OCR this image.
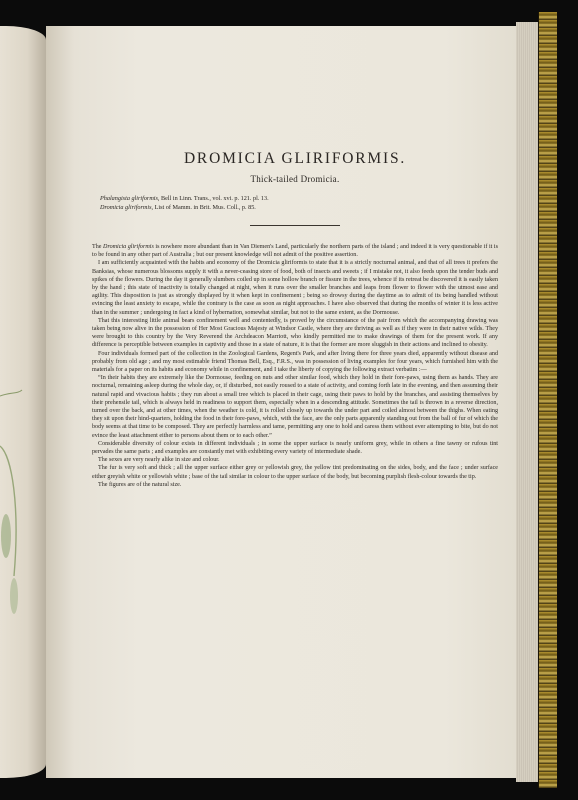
DROMICIA GLIRIFORMIS.
Thick-tailed Dromicia.
Phalangista gliriformis, Bell in Linn. Trans., vol. xvi. p. 121. pl. 13.
Dromicia gliriformis, List of Mamm. in Brit. Mus. Coll., p. 85.

The Dromicia gliriformis is nowhere more abundant than in Van Diemen's Land, particularly the northern parts of the island ; and indeed it is very questionable if it is to be found in any other part of Australia ; but our present knowledge will not admit of the positive assertion.

I am sufficiently acquainted with the habits and economy of the Dromicia gliriformis to state that it is a strictly nocturnal animal, and that of all trees it prefers the Banksias, whose numerous blossoms supply it with a never-ceasing store of food, both of insects and sweets ; if I mistake not, it also feeds upon the tender buds and spikes of the flowers. During the day it generally slumbers coiled up in some hollow branch or fissure in the trees, whence if its retreat be discovered it is easily taken by the hand ; this state of inactivity is totally changed at night, when it runs over the smaller branches and leaps from flower to flower with the utmost ease and agility. This disposition is just as strongly displayed by it when kept in confinement ; being so drowsy during the daytime as to admit of its being handled without evincing the least anxiety to escape, while the contrary is the case as soon as night approaches. I have also observed that during the months of winter it is less active than in the summer ; undergoing in fact a kind of hybernation, somewhat similar, but not to the same extent, as the Dormouse.

That this interesting little animal bears confinement well and contentedly, is proved by the circumstance of the pair from which the accompanying drawing was taken being now alive in the possession of Her Most Gracious Majesty at Windsor Castle, where they are thriving as well as if they were in their native wilds. They were brought to this country by the Very Reverend the Archdeacon Marriott, who kindly permitted me to make drawings of them for the present work. If any difference is perceptible between examples in captivity and those in a state of nature, it is that the former are more sluggish in their actions and inclined to obesity.

Four individuals formed part of the collection in the Zoological Gardens, Regent's Park, and after living there for three years died, apparently without disease and probably from old age ; and my most estimable friend Thomas Bell, Esq., F.R.S., was in possession of living examples for four years, which furnished him with the materials for a paper on its habits and economy while in confinement, and I take the liberty of copying the following extract verbatim :—

“In their habits they are extremely like the Dormouse, feeding on nuts and other similar food, which they hold in their fore-paws, using them as hands. They are nocturnal, remaining asleep during the whole day, or, if disturbed, not easily roused to a state of activity, and coming forth late in the evening, and then assuming their natural rapid and vivacious habits ; they run about a small tree which is placed in their cage, using their paws to hold by the branches, and assisting themselves by their prehensile tail, which is always held in readiness to support them, especially when in a descending attitude. Sometimes the tail is thrown in a reverse direction, turned over the back, and at other times, when the weather is cold, it is rolled closely up towards the under part and coiled almost between the thighs. When eating they sit upon their hind-quarters, holding the food in their fore-paws, which, with the face, are the only parts apparently standing out from the ball of fur of which the body seems at that time to be composed. They are perfectly harmless and tame, permitting any one to hold and caress them without ever attempting to bite, but do not evince the least attachment either to persons about them or to each other.”

Considerable diversity of colour exists in different individuals ; in some the upper surface is nearly uniform grey, while in others a fine tawny or rufous tint pervades the same parts ; and examples are constantly met with exhibiting every variety of intermediate shade.

The sexes are very nearly alike in size and colour.

The fur is very soft and thick ; all the upper surface either grey or yellowish grey, the yellow tint predominating on the sides, body, and the face ; under surface either greyish white or yellowish white ; base of the tail similar in colour to the upper surface of the body, but becoming purplish flesh-colour towards the tip.

The figures are of the natural size.
